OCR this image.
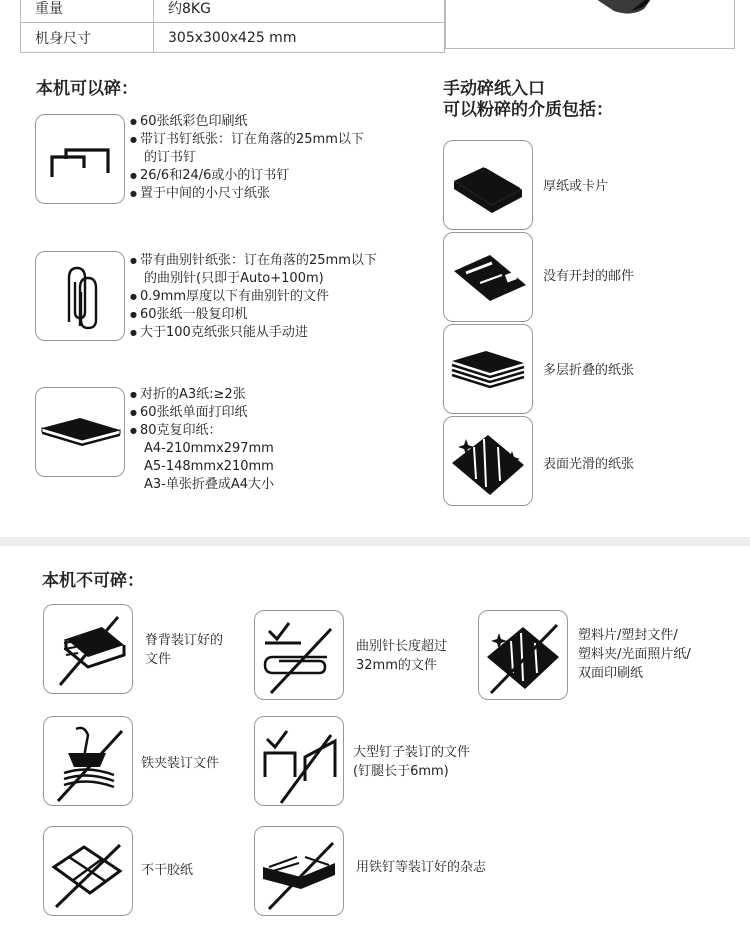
重量	约8KG
机身尺寸	305x300x425 mm
本机可以碎：
● 60张纸彩色印刷纸
● 带订书钉纸张：订在角落的25mm以下
的订书钉
● 26/6和24/6或小的订书钉
● 置于中间的小尺寸纸张
● 带有曲别针纸张：订在角落的25mm以下
的曲别针(只即于Auto+100m)
● 0.9mm厚度以下有曲别针的文件
● 60张纸一般复印机
● 大于100克纸张只能从手动进
● 对折的A3纸:≥2张
● 60张纸单面打印纸
● 80克复印纸：
A4-210mmx297mm
A5-148mmx210mm
A3-单张折叠成A4大小
手动碎纸入口
可以粉碎的介质包括：
厚纸或卡片
没有开封的邮件
多层折叠的纸张
表面光滑的纸张
本机不可碎：
脊背装订好的
文件
曲别针长度超过
32mm的文件
塑料片/塑封文件/
塑料夹/光面照片纸/
双面印刷纸
铁夹装订文件
大型钉子装订的文件
(钉腿长于6mm)
不干胶纸	用铁钉等装订好的杂志
